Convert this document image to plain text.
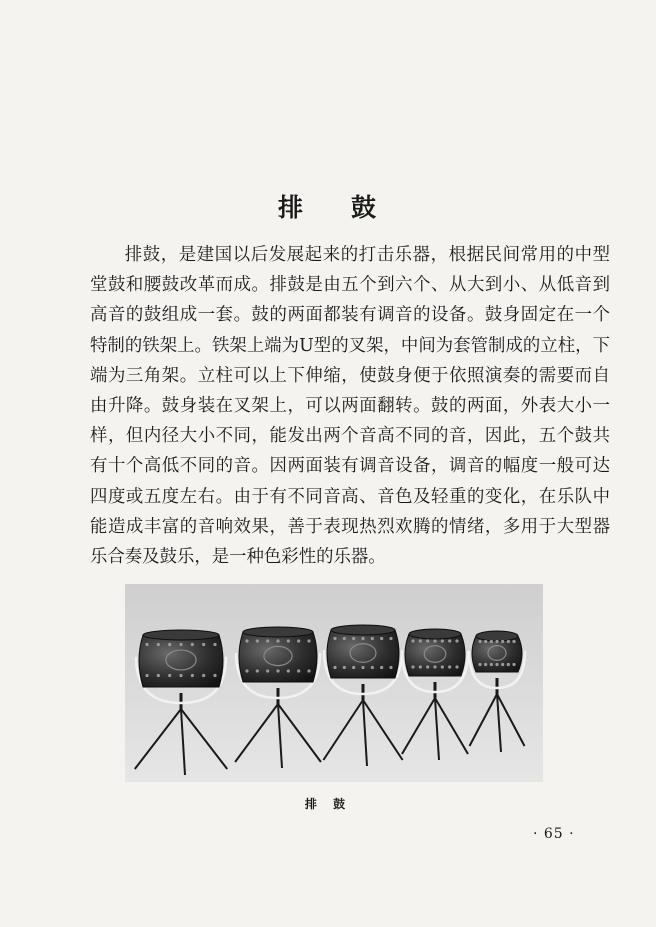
排 鼓

排鼓，是建国以后发展起来的打击乐器，根据民间常用的中型堂鼓和腰鼓改革而成。排鼓是由五个到六个、从大到小、从低音到高音的鼓组成一套。鼓的两面都装有调音的设备。鼓身固定在一个特制的铁架上。铁架上端为U型的叉架，中间为套管制成的立柱，下端为三角架。立柱可以上下伸缩，使鼓身便于依照演奏的需要而自由升降。鼓身装在叉架上，可以两面翻转。鼓的两面，外表大小一样，但内径大小不同，能发出两个音高不同的音，因此，五个鼓共有十个高低不同的音。因两面装有调音设备，调音的幅度一般可达四度或五度左右。由于有不同音高、音色及轻重的变化，在乐队中能造成丰富的音响效果，善于表现热烈欢腾的情绪，多用于大型器乐合奏及鼓乐，是一种色彩性的乐器。

排 鼓
· 65 ·
